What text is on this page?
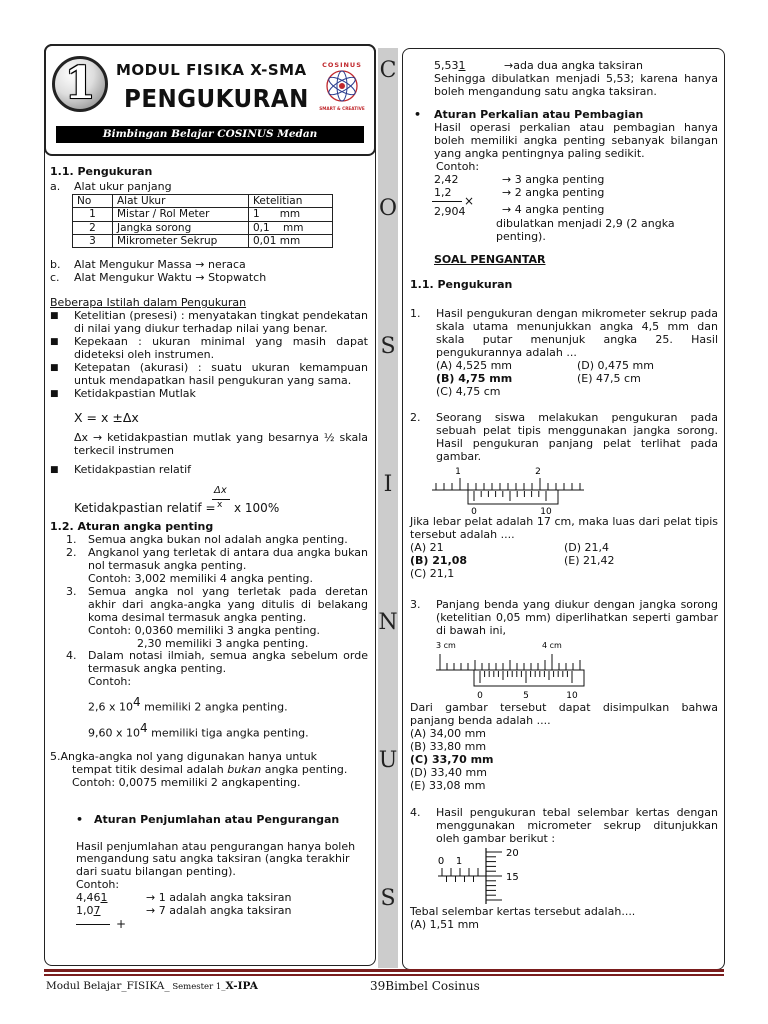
1	MODUL FISIKA X-SMA
PENGUKURAN
COSINUS
SMART & CREATIVE
Bimbingan Belajar COSINUS Medan
1.1. Pengukuran
a.	Alat ukur panjang
No	Alat Ukur	Ketelitian
1	Mistar / Rol Meter	1      mm
2	Jangka sorong	0,1    mm
3	Mikrometer Sekrup	0,01 mm
b.	Alat Mengukur Massa → neraca
c.	Alat Mengukur Waktu → Stopwatch
Beberapa Istilah dalam Pengukuran
■	Ketelitian (presesi) : menyatakan tingkat pendekatan di nilai yang diukur terhadap nilai yang benar.
■	Kepekaan : ukuran minimal yang masih dapat dideteksi oleh instrumen.
■	Ketepatan (akurasi) : suatu ukuran kemampuan untuk mendapatkan hasil pengukuran yang sama.
■	Ketidakpastian Mutlak
X = x ±Δx
Δx → ketidakpastian mutlak yang besarnya ½ skala terkecil instrumen
■	Ketidakpastian relatif
Δx
x
Ketidakpastian relatif = x 100%
1.2. Aturan angka penting
1.	Semua angka bukan nol adalah angka penting.
2.	Angkanol yang terletak di antara dua angka bukan nol termasuk angka penting.
Contoh: 3,002 memiliki 4 angka penting.
3.	Semua angka nol yang terletak pada deretan akhir dari angka-angka yang ditulis di belakang koma desimal termasuk angka penting.
Contoh: 0,0360 memiliki 3 angka penting.
2,30 memiliki 3 angka penting.
4.	Dalam notasi ilmiah, semua angka sebelum orde termasuk angka penting.
Contoh:
2,6 x $10^4$ memiliki 2 angka penting.
9,60 x $10^4$ memiliki tiga angka penting.
5.Angka-angka nol yang digunakan hanya untuk
tempat titik desimal adalah bukan angka penting.
Contoh: 0,0075 memiliki 2 angkapenting.
• Aturan Penjumlahan atau Pengurangan
Hasil penjumlahan atau pengurangan hanya boleh mengandung satu angka taksiran (angka terakhir dari suatu bilangan penting).
Contoh:
4,461	→ 1 adalah angka taksiran
1,07	→ 7 adalah angka taksiran
+
C
O
S
I
N
U
S
5,531	→ada dua angka taksiran
Sehingga dibulatkan menjadi 5,53; karena hanya boleh mengandung satu angka taksiran.
•	Aturan Perkalian atau Pembagian
Hasil operasi perkalian atau pembagian hanya boleh memiliki angka penting sebanyak bilangan yang angka pentingnya paling sedikit.
Contoh:
2,42	→ 3 angka penting
1,2	→ 2 angka penting
×
2,904	→ 4 angka penting
dibulatkan menjadi 2,9 (2 angka penting).
SOAL PENGANTAR
1.1. Pengukuran
1.	Hasil pengukuran dengan mikrometer sekrup pada skala utama menunjukkan angka 4,5 mm dan skala putar menunjuk angka 25. Hasil pengukurannya adalah ...
(A) 4,525 mm	(D) 0,475 mm
(B) 4,75 mm	(E) 47,5 cm
(C) 4,75 cm
2.	Seorang siswa melakukan pengukuran pada sebuah pelat tipis menggunakan jangka sorong. Hasil pengukuran panjang pelat terlihat pada gambar.
1	2
0	10
Jika lebar pelat adalah 17 cm, maka luas dari pelat tipis tersebut adalah ....
(A) 21	(D) 21,4
(B) 21,08	(E) 21,42
(C) 21,1
3.	Panjang benda yang diukur dengan jangka sorong (ketelitian 0,05 mm) diperlihatkan seperti gambar di bawah ini,
3 cm	4 cm
0	5	10
Dari gambar tersebut dapat disimpulkan bahwa panjang benda adalah ....
(A) 34,00 mm
(B) 33,80 mm
(C) 33,70 mm
(D) 33,40 mm
(E) 33,08 mm
4.	Hasil pengukuran tebal selembar kertas dengan menggunakan micrometer sekrup ditunjukkan oleh gambar berikut :
0 1
20
15
Tebal selembar kertas tersebut adalah....
(A) 1,51 mm
Modul Belajar_FISIKA_ Semester 1_X-IPA	39Bimbel Cosinus
